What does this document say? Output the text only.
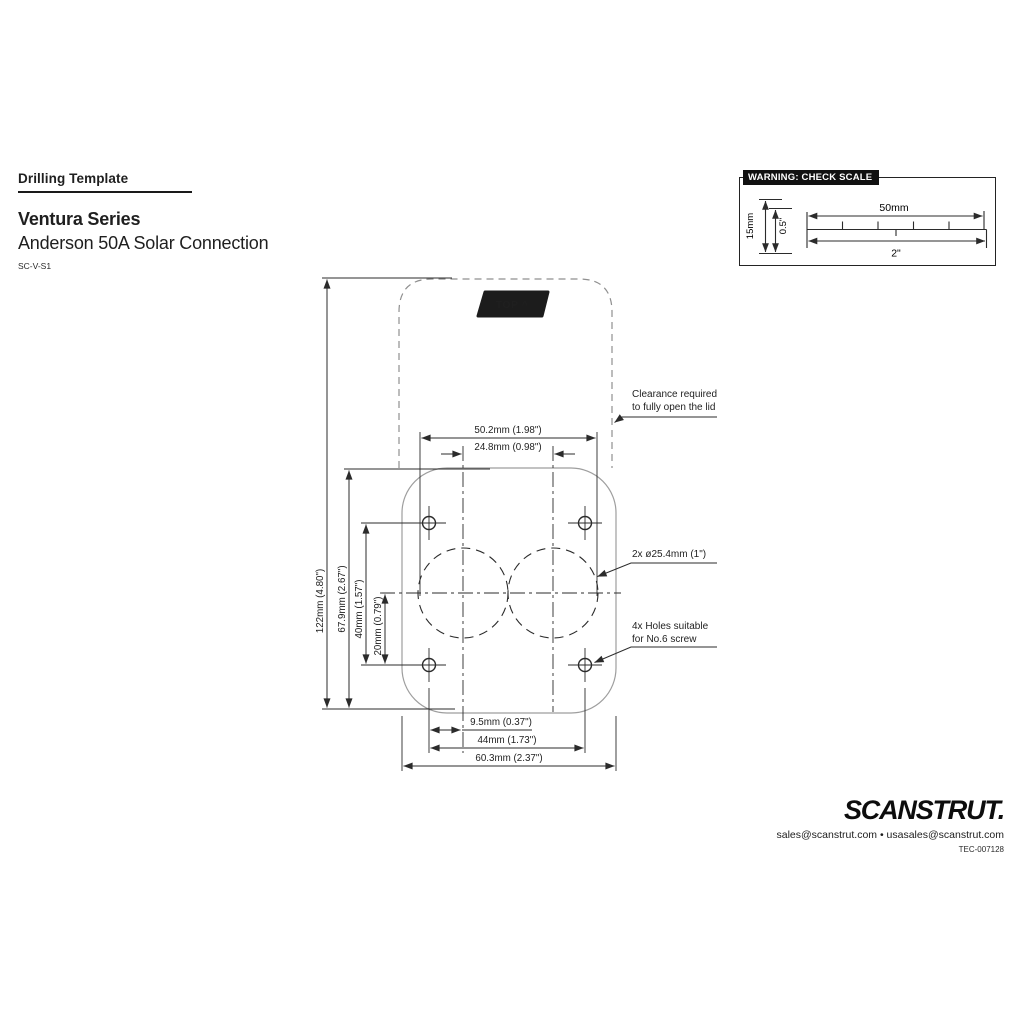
Drilling Template
Ventura Series
Anderson 50A Solar Connection
SC-V-S1
WARNING: CHECK SCALE
50mm
2"
15mm 0.5"
TOP ^
50.2mm (1.98")
24.8mm (0.98")
122mm (4.80") 67.9mm (2.67") 40mm (1.57") 20mm (0.79")
9.5mm (0.37")
44mm (1.73")
60.3mm (2.37")
Clearance required
to fully open the lid
2x ø25.4mm (1")
4x Holes suitable
for No.6 screw
SCANSTRUT.
sales@scanstrut.com • usasales@scanstrut.com
TEC-007128
